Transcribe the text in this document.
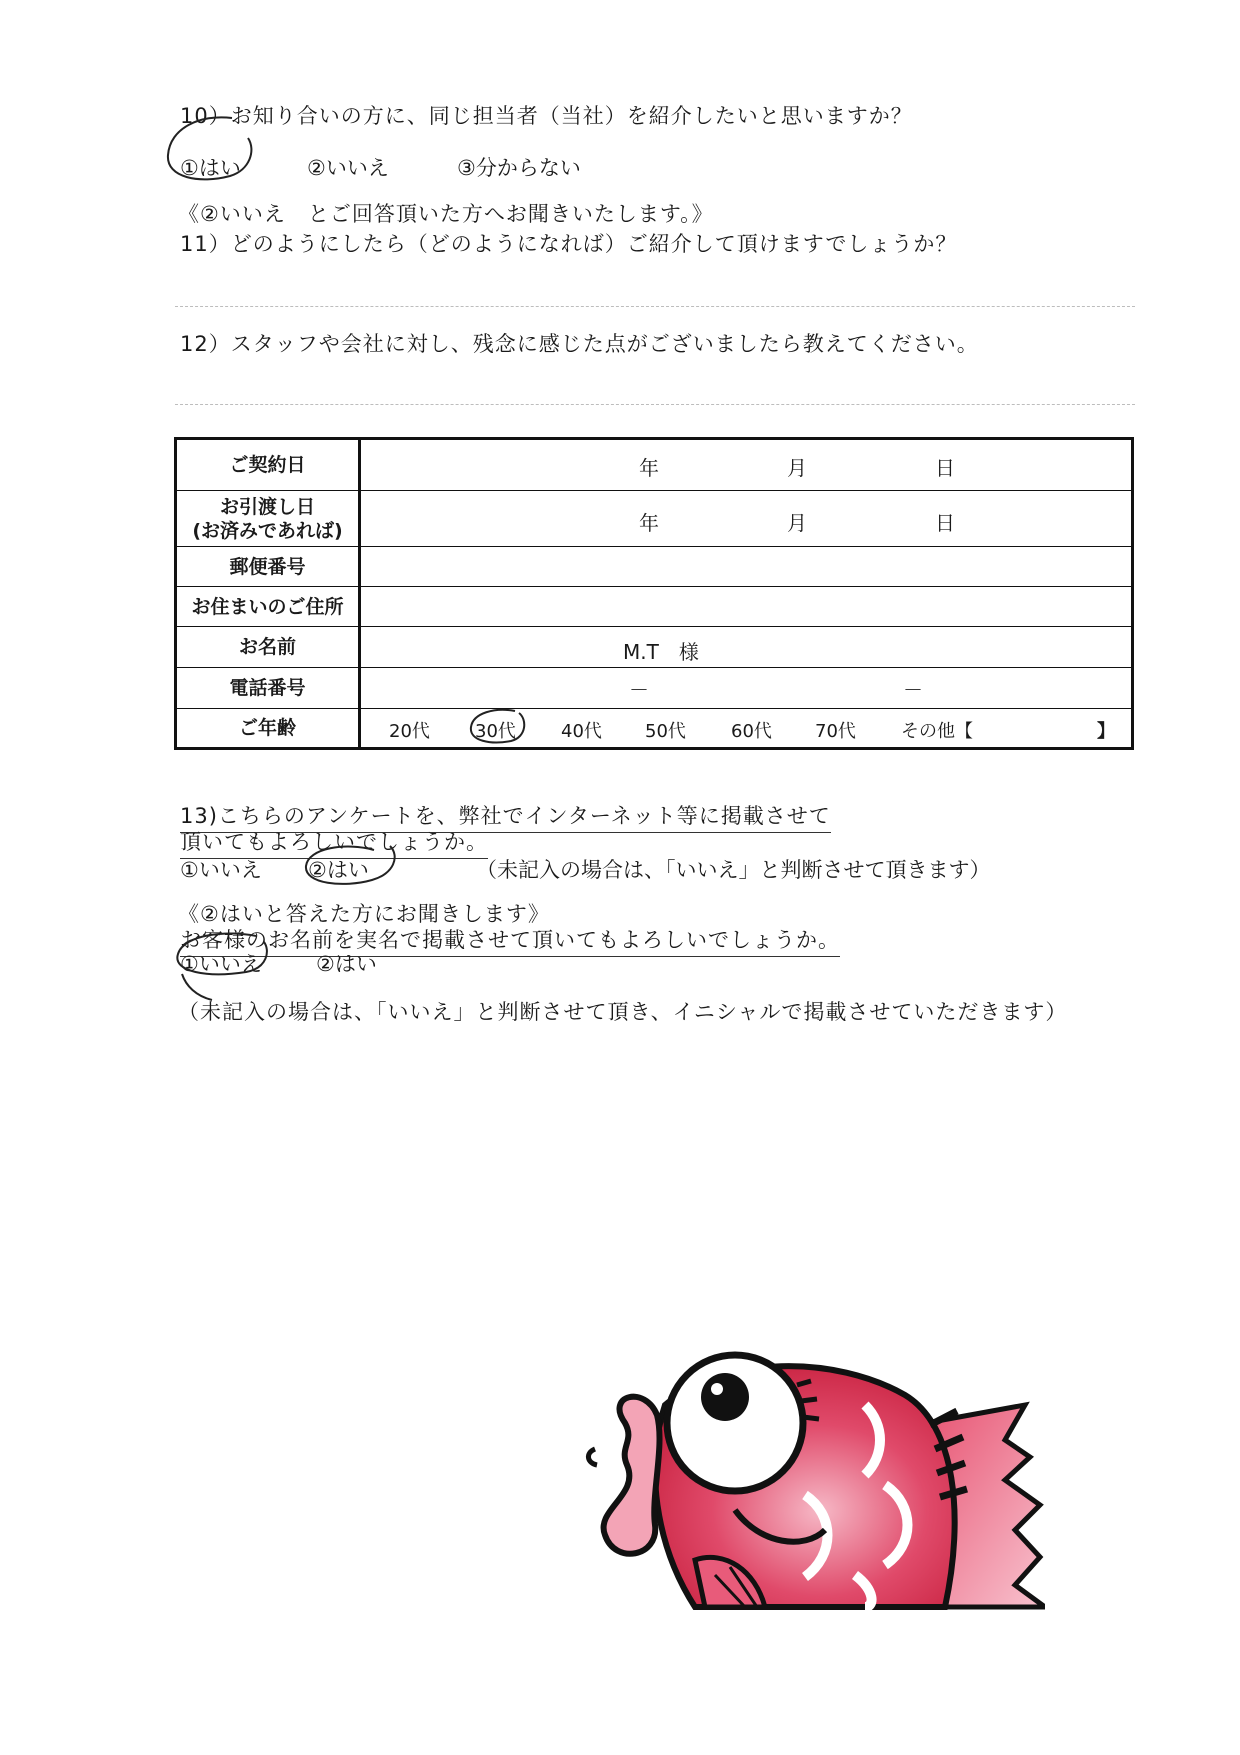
10）お知り合いの方に、同じ担当者（当社）を紹介したいと思いますか？
①はい	②いいえ	③分からない
《②いいえ　とご回答頂いた方へお聞きいたします。》
11）どのようにしたら（どのようになれば）ご紹介して頂けますでしょうか？
12）スタッフや会社に対し、残念に感じた点がございましたら教えてください。
ご契約日	年	月	日
お引渡し日
(お済みであれば)	年	月	日
郵便番号
お住まいのご住所
お名前	M.T　様
電話番号	－	－
ご年齢	20代	30代	40代 50代	60代 70代	その他【	】
13)こちらのアンケートを、弊社でインターネット等に掲載させて
頂いてもよろしいでしょうか。
①いいえ ②はい	（未記入の場合は、「いいえ」と判断させて頂きます）
《②はいと答えた方にお聞きします》
お客様のお名前を実名で掲載させて頂いてもよろしいでしょうか。
①いいえ	②はい
（未記入の場合は、「いいえ」と判断させて頂き、イニシャルで掲載させていただきます）
